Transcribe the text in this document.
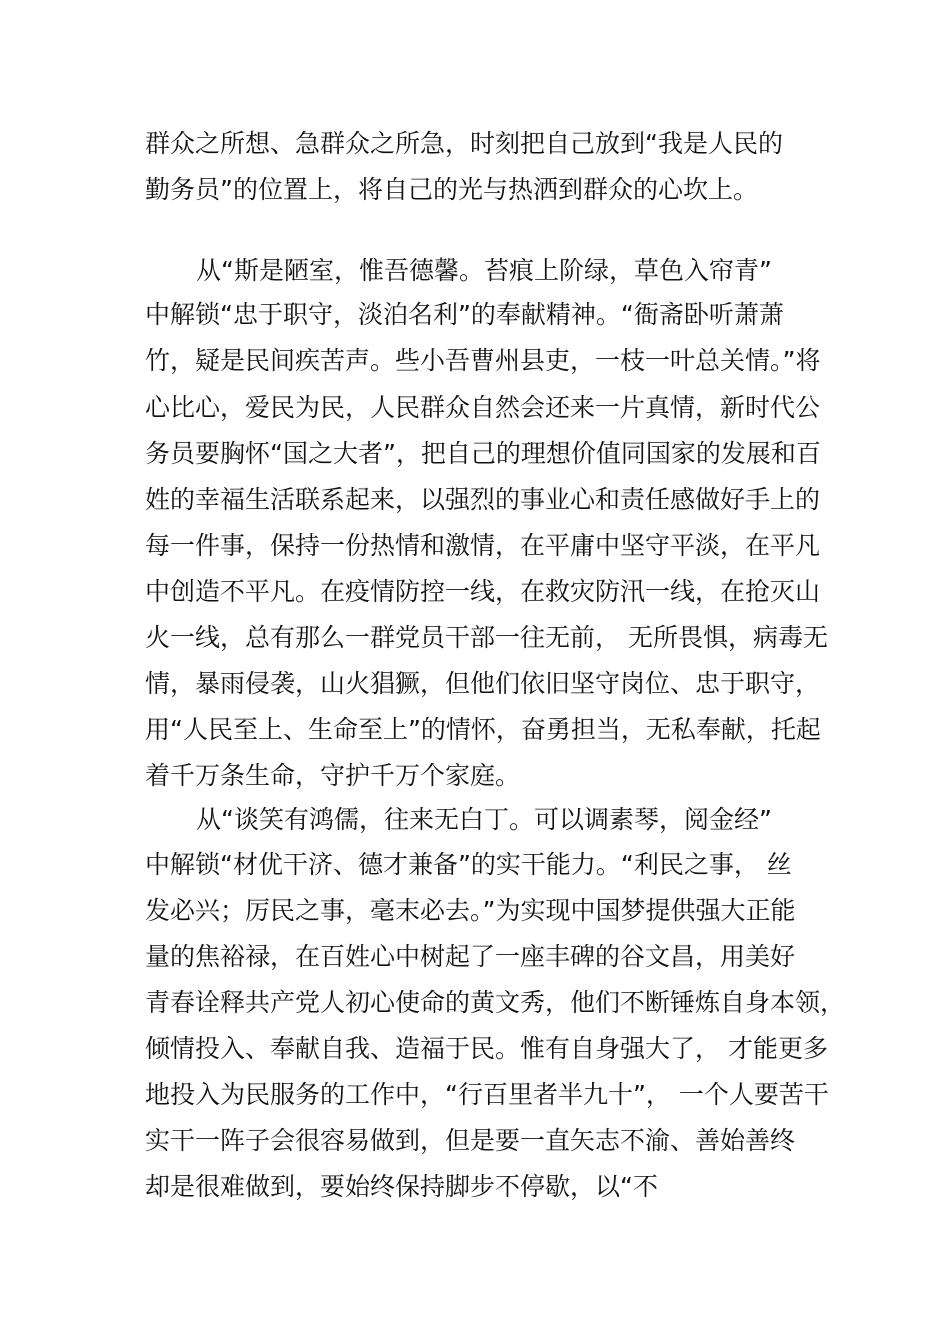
群众之所想、急群众之所急，时刻把自己放到“我是人民的
勤务员”的位置上，将自己的光与热洒到群众的心坎上。
从“斯是陋室，惟吾德馨。苔痕上阶绿，草色入帘青”
中解锁“忠于职守，淡泊名利”的奉献精神。“衙斋卧听萧萧
竹，疑是民间疾苦声。些小吾曹州县吏，一枝一叶总关情。”将
心比心，爱民为民，人民群众自然会还来一片真情，新时代公
务员要胸怀“国之大者”，把自己的理想价值同国家的发展和百
姓的幸福生活联系起来，以强烈的事业心和责任感做好手上的
每一件事，保持一份热情和激情，在平庸中坚守平淡，在平凡
中创造不平凡。在疫情防控一线，在救灾防汛一线，在抢灭山
火一线，总有那么一群党员干部一往无前， 无所畏惧，病毒无
情，暴雨侵袭，山火猖獗，但他们依旧坚守岗位、忠于职守，
用“人民至上、生命至上”的情怀，奋勇担当，无私奉献，托起
着千万条生命，守护千万个家庭。
从“谈笑有鸿儒，往来无白丁。可以调素琴，阅金经”
中解锁“材优干济、德才兼备”的实干能力。“利民之事， 丝
发必兴；厉民之事，毫末必去。”为实现中国梦提供强大正能
量的焦裕禄，在百姓心中树起了一座丰碑的谷文昌，用美好
青春诠释共产党人初心使命的黄文秀，他们不断锤炼自身本领，
倾情投入、奉献自我、造福于民。惟有自身强大了， 才能更多
地投入为民服务的工作中，“行百里者半九十”， 一个人要苦干
实干一阵子会很容易做到，但是要一直矢志不渝、善始善终
却是很难做到，要始终保持脚步不停歇，以“不
